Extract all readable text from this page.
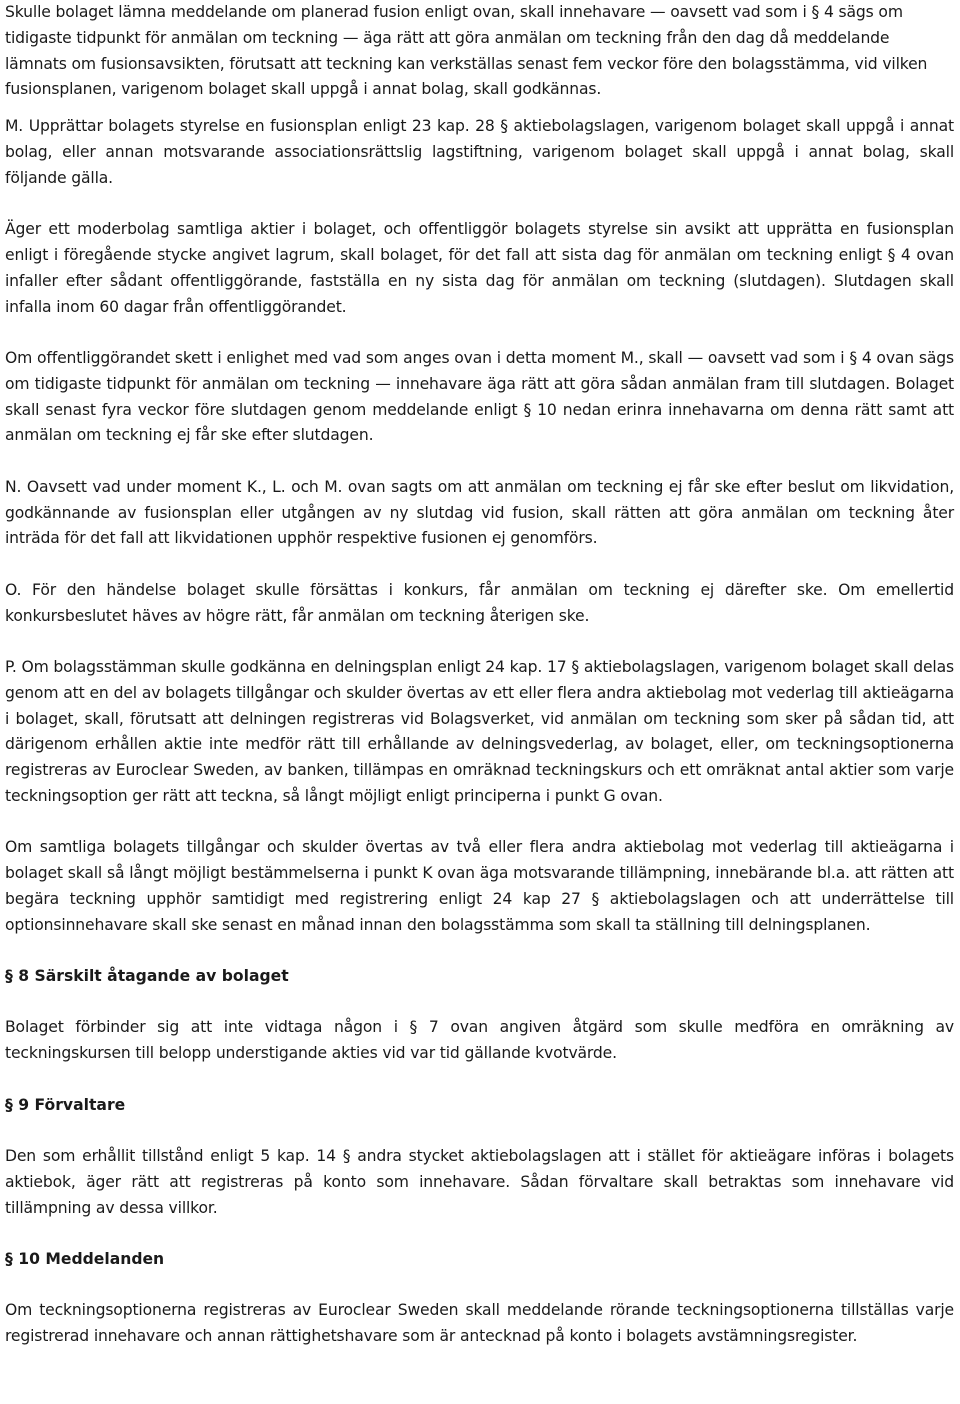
Skulle bolaget lämna meddelande om planerad fusion enligt ovan, skall innehavare — oavsett vad som i § 4 sägs om tidigaste tidpunkt för anmälan om teckning — äga rätt att göra anmälan om teckning från den dag då meddelande lämnats om fusionsavsikten, förutsatt att teckning kan verkställas senast fem veckor före den bolagsstämma, vid vilken fusionsplanen, varigenom bolaget skall uppgå i annat bolag, skall godkännas.

M. Upprättar bolagets styrelse en fusionsplan enligt 23 kap. 28 § aktiebolagslagen, varigenom bolaget skall uppgå i annat bolag, eller annan motsvarande associationsrättslig lagstiftning, varigenom bolaget skall uppgå i annat bolag, skall följande gälla.

Äger ett moderbolag samtliga aktier i bolaget, och offentliggör bolagets styrelse sin avsikt att upprätta en fusionsplan enligt i föregående stycke angivet lagrum, skall bolaget, för det fall att sista dag för anmälan om teckning enligt § 4 ovan infaller efter sådant offentliggörande, fastställa en ny sista dag för anmälan om teckning (slutdagen). Slutdagen skall infalla inom 60 dagar från offentliggörandet.

Om offentliggörandet skett i enlighet med vad som anges ovan i detta moment M., skall — oavsett vad som i § 4 ovan sägs om tidigaste tidpunkt för anmälan om teckning — innehavare äga rätt att göra sådan anmälan fram till slutdagen. Bolaget skall senast fyra veckor före slutdagen genom meddelande enligt § 10 nedan erinra innehavarna om denna rätt samt att anmälan om teckning ej får ske efter slutdagen.

N. Oavsett vad under moment K., L. och M. ovan sagts om att anmälan om teckning ej får ske efter beslut om likvidation, godkännande av fusionsplan eller utgången av ny slutdag vid fusion, skall rätten att göra anmälan om teckning åter inträda för det fall att likvidationen upphör respektive fusionen ej genomförs.

O. För den händelse bolaget skulle försättas i konkurs, får anmälan om teckning ej därefter ske. Om emellertid konkursbeslutet häves av högre rätt, får anmälan om teckning återigen ske.

P. Om bolagsstämman skulle godkänna en delningsplan enligt 24 kap. 17 § aktiebolagslagen, varigenom bolaget skall delas genom att en del av bolagets tillgångar och skulder övertas av ett eller flera andra aktiebolag mot vederlag till aktieägarna i bolaget, skall, förutsatt att delningen registreras vid Bolagsverket, vid anmälan om teckning som sker på sådan tid, att därigenom erhållen aktie inte medför rätt till erhållande av delningsvederlag, av bolaget, eller, om teckningsoptionerna registreras av Euroclear Sweden, av banken, tillämpas en omräknad teckningskurs och ett omräknat antal aktier som varje teckningsoption ger rätt att teckna, så långt möjligt enligt principerna i punkt G ovan.

Om samtliga bolagets tillgångar och skulder övertas av två eller flera andra aktiebolag mot vederlag till aktieägarna i bolaget skall så långt möjligt bestämmelserna i punkt K ovan äga motsvarande tillämpning, innebärande bl.a. att rätten att begära teckning upphör samtidigt med registrering enligt 24 kap 27 § aktiebolagslagen och att underrättelse till optionsinnehavare skall ske senast en månad innan den bolagsstämma som skall ta ställning till delningsplanen.

§ 8 Särskilt åtagande av bolaget

Bolaget förbinder sig att inte vidtaga någon i § 7 ovan angiven åtgärd som skulle medföra en omräkning av teckningskursen till belopp understigande akties vid var tid gällande kvotvärde.

§ 9 Förvaltare

Den som erhållit tillstånd enligt 5 kap. 14 § andra stycket aktiebolagslagen att i stället för aktieägare införas i bolagets aktiebok, äger rätt att registreras på konto som innehavare. Sådan förvaltare skall betraktas som innehavare vid tillämpning av dessa villkor.

§ 10 Meddelanden

Om teckningsoptionerna registreras av Euroclear Sweden skall meddelande rörande teckningsoptionerna tillställas varje registrerad innehavare och annan rättighetshavare som är antecknad på konto i bolagets avstämningsregister.
